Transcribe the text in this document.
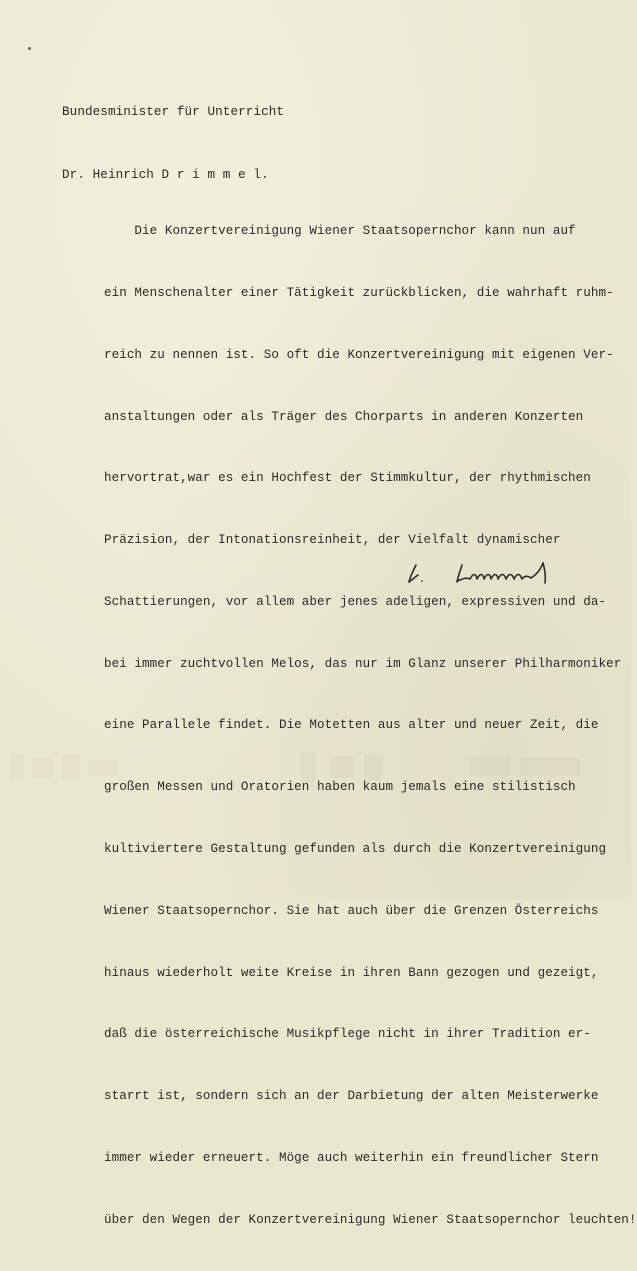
Bundesminister für Unterricht

Dr. Heinrich D r i m m e l.

Die Konzertvereinigung Wiener Staatsopernchor kann nun auf

ein Menschenalter einer Tätigkeit zurückblicken, die wahrhaft ruhm-

reich zu nennen ist. So oft die Konzertvereinigung mit eigenen Ver-

anstaltungen oder als Träger des Chorparts in anderen Konzerten

hervortrat,war es ein Hochfest der Stimmkultur, der rhythmischen

Präzision, der Intonationsreinheit, der Vielfalt dynamischer

Schattierungen, vor allem aber jenes adeligen, expressiven und da-

bei immer zuchtvollen Melos, das nur im Glanz unserer Philharmoniker

eine Parallele findet. Die Motetten aus alter und neuer Zeit, die

großen Messen und Oratorien haben kaum jemals eine stilistisch

kultiviertere Gestaltung gefunden als durch die Konzertvereinigung

Wiener Staatsopernchor. Sie hat auch über die Grenzen Österreichs

hinaus wiederholt weite Kreise in ihren Bann gezogen und gezeigt,

daß die österreichische Musikpflege nicht in ihrer Tradition er-

starrt ist, sondern sich an der Darbietung der alten Meisterwerke

immer wieder erneuert. Möge auch weiterhin ein freundlicher Stern

über den Wegen der Konzertvereinigung Wiener Staatsopernchor leuchten!
